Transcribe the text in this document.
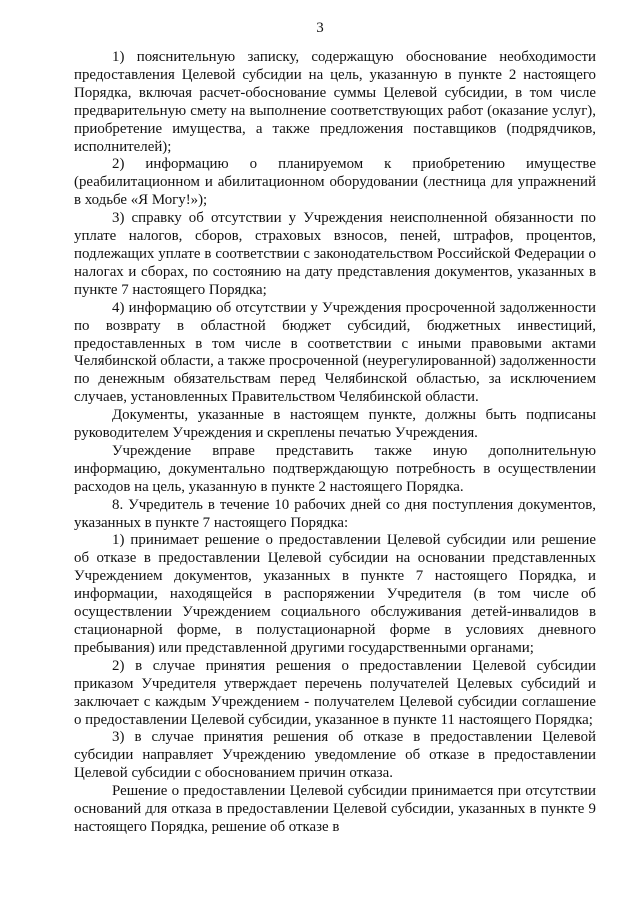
3

1) пояснительную записку, содержащую обоснование необходимости предоставления Целевой субсидии на цель, указанную в пункте 2 настоящего Порядка, включая расчет-обоснование суммы Целевой субсидии, в том числе предварительную смету на выполнение соответствующих работ (оказание услуг), приобретение имущества, а также предложения поставщиков (подрядчиков, исполнителей);

2) информацию о планируемом к приобретению имуществе (реабилитационном и абилитационном оборудовании (лестница для упражнений в ходьбе «Я Могу!»);

3) справку об отсутствии у Учреждения неисполненной обязанности по уплате налогов, сборов, страховых взносов, пеней, штрафов, процентов, подлежащих уплате в соответствии с законодательством Российской Федерации о налогах и сборах, по состоянию на дату представления документов, указанных в пункте 7 настоящего Порядка;

4) информацию об отсутствии у Учреждения просроченной задолженности по возврату в областной бюджет субсидий, бюджетных инвестиций, предоставленных в том числе в соответствии с иными правовыми актами Челябинской области, а также просроченной (неурегулированной) задолженности по денежным обязательствам перед Челябинской областью, за исключением случаев, установленных Правительством Челябинской области.

Документы, указанные в настоящем пункте, должны быть подписаны руководителем Учреждения и скреплены печатью Учреждения.

Учреждение вправе представить также иную дополнительную информацию, документально подтверждающую потребность в осуществлении расходов на цель, указанную в пункте 2 настоящего Порядка.

8. Учредитель в течение 10 рабочих дней со дня поступления документов, указанных в пункте 7 настоящего Порядка:

1) принимает решение о предоставлении Целевой субсидии или решение об отказе в предоставлении Целевой субсидии на основании представленных Учреждением документов, указанных в пункте 7 настоящего Порядка, и информации, находящейся в распоряжении Учредителя (в том числе об осуществлении Учреждением социального обслуживания детей-инвалидов в стационарной форме, в полустационарной форме в условиях дневного пребывания) или представленной другими государственными органами;

2) в случае принятия решения о предоставлении Целевой субсидии приказом Учредителя утверждает перечень получателей Целевых субсидий и заключает с каждым Учреждением - получателем Целевой субсидии соглашение о предоставлении Целевой субсидии, указанное в пункте 11 настоящего Порядка;

3) в случае принятия решения об отказе в предоставлении Целевой субсидии направляет Учреждению уведомление об отказе в предоставлении Целевой субсидии с обоснованием причин отказа.

Решение о предоставлении Целевой субсидии принимается при отсутствии оснований для отказа в предоставлении Целевой субсидии, указанных в пункте 9 настоящего Порядка, решение об отказе в
